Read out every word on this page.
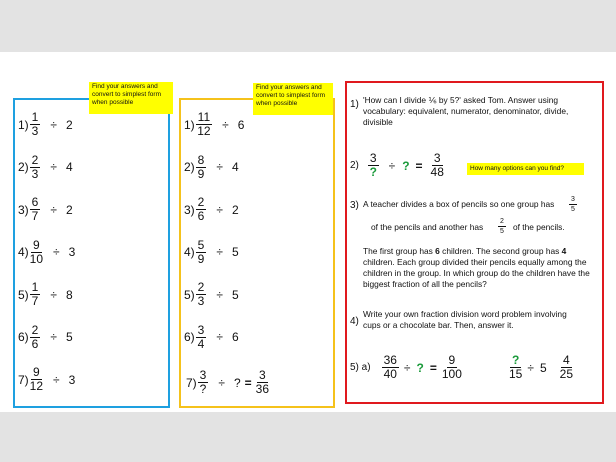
Find your answers and convert to simplest form when possible
$1) \frac{1}{3} \div 2$
$2) \frac{2}{3} \div 4$
$3) \frac{6}{7} \div 2$
$4) \frac{9}{10} \div 3$
$5) \frac{1}{7} \div 8$
$6) \frac{2}{6} \div 5$
$7) \frac{9}{12} \div 3$
Find your answers and convert to simplest form when possible
$1) \frac{11}{12} \div 6$
$2) \frac{8}{9} \div 4$
$3) \frac{2}{6} \div 2$
$4) \frac{5}{9} \div 5$
$5) \frac{2}{3} \div 5$
$6) \frac{3}{4} \div 6$
$7) \frac{3}{?}$ ÷ ? = $\frac{3}{36}$
1) 'How can I divide ⅙ by 5?' asked Tom. Answer using vocabulary: equivalent, numerator, denominator, divide, divisible
$2) \frac{3}{?}$ ÷ ? = $\frac{3}{48}$	How many options can you find?
3) A teacher divides a box of pencils so one group has $\frac{3}{5}$
of the pencils and another has $\frac{2}{5}$ of the pencils.
The first group has 6 children. The second group has 4 children. Each group divided their pencils equally among the children in the group. In which group do the children have the biggest fraction of all the pencils?
4)
Write your own fraction division word problem involving cups or a chocolate bar. Then, answer it.
5) $a) \frac{36}{40}$ ÷ ? = $\frac{9}{100}$	$\frac{?}{15} \div 5 \frac{4}{25}$
